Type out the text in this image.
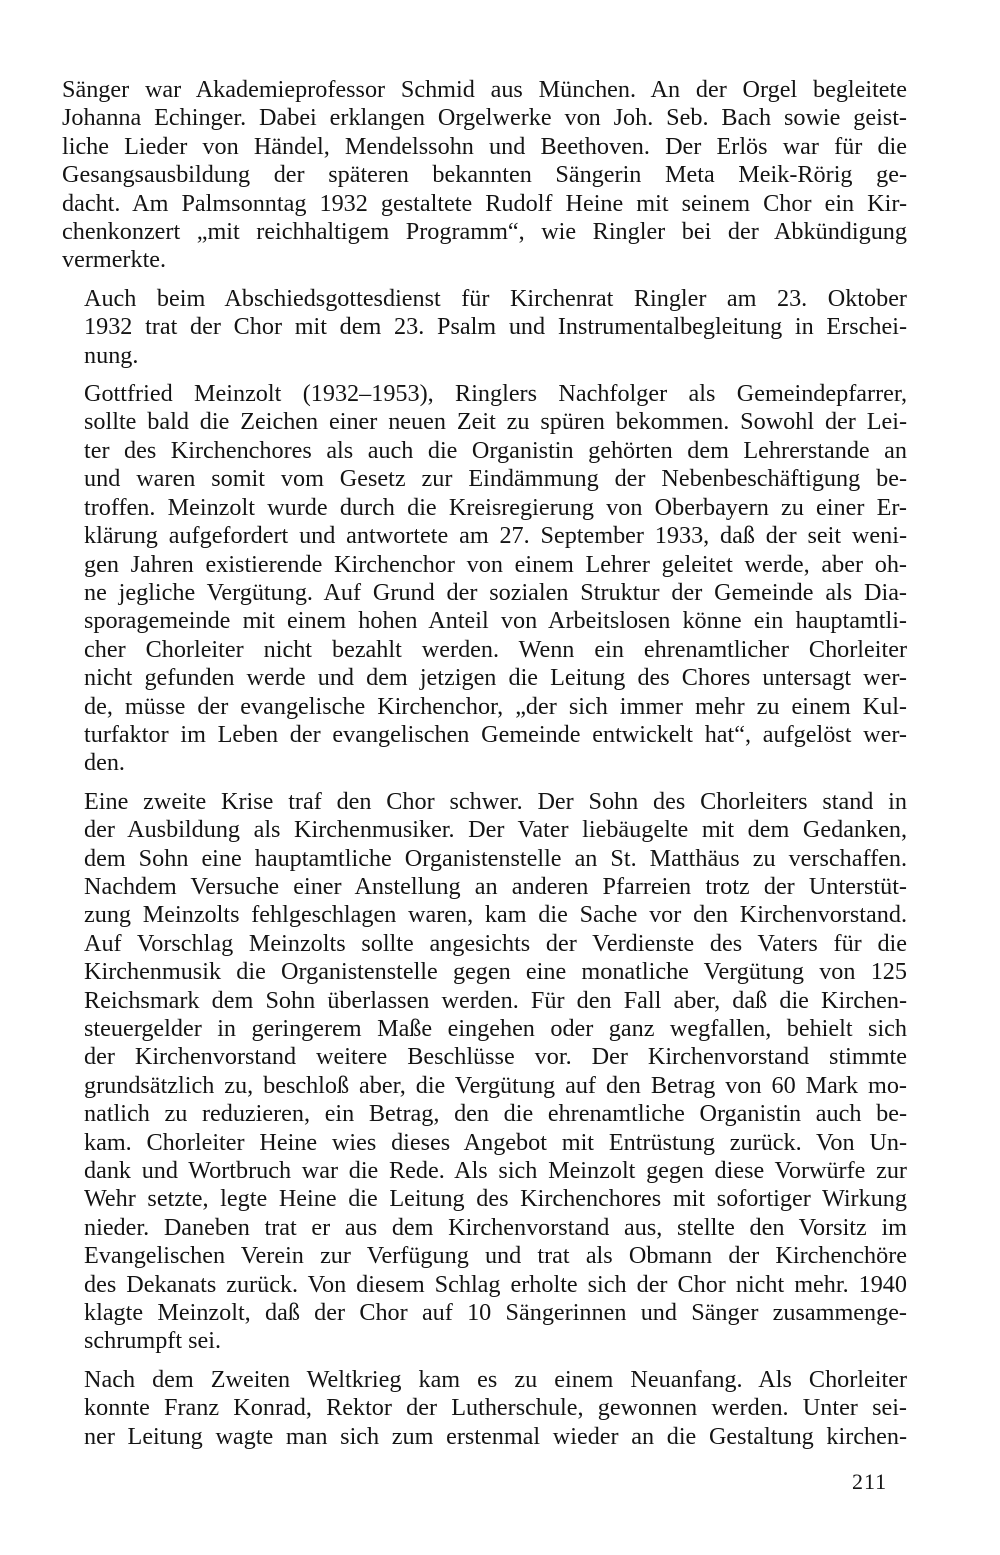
Sänger war Akademieprofessor Schmid aus München. An der Orgel begleitete
Johanna Echinger. Dabei erklangen Orgelwerke von Joh. Seb. Bach sowie geist-
liche Lieder von Händel, Mendelssohn und Beethoven. Der Erlös war für die
Gesangsausbildung der späteren bekannten Sängerin Meta Meik-Rörig ge-
dacht. Am Palmsonntag 1932 gestaltete Rudolf Heine mit seinem Chor ein Kir-
chenkonzert „mit reichhaltigem Programm“, wie Ringler bei der Abkündigung
vermerkte.

Auch beim Abschiedsgottesdienst für Kirchenrat Ringler am 23. Oktober
1932 trat der Chor mit dem 23. Psalm und Instrumentalbegleitung in Erschei-
nung.

Gottfried Meinzolt (1932–1953), Ringlers Nachfolger als Gemeindepfarrer,
sollte bald die Zeichen einer neuen Zeit zu spüren bekommen. Sowohl der Lei-
ter des Kirchenchores als auch die Organistin gehörten dem Lehrerstande an
und waren somit vom Gesetz zur Eindämmung der Nebenbeschäftigung be-
troffen. Meinzolt wurde durch die Kreisregierung von Oberbayern zu einer Er-
klärung aufgefordert und antwortete am 27. September 1933, daß der seit weni-
gen Jahren existierende Kirchenchor von einem Lehrer geleitet werde, aber oh-
ne jegliche Vergütung. Auf Grund der sozialen Struktur der Gemeinde als Dia-
sporagemeinde mit einem hohen Anteil von Arbeitslosen könne ein hauptamtli-
cher Chorleiter nicht bezahlt werden. Wenn ein ehrenamtlicher Chorleiter
nicht gefunden werde und dem jetzigen die Leitung des Chores untersagt wer-
de, müsse der evangelische Kirchenchor, „der sich immer mehr zu einem Kul-
turfaktor im Leben der evangelischen Gemeinde entwickelt hat“, aufgelöst wer-
den.

Eine zweite Krise traf den Chor schwer. Der Sohn des Chorleiters stand in
der Ausbildung als Kirchenmusiker. Der Vater liebäugelte mit dem Gedanken,
dem Sohn eine hauptamtliche Organistenstelle an St. Matthäus zu verschaffen.
Nachdem Versuche einer Anstellung an anderen Pfarreien trotz der Unterstüt-
zung Meinzolts fehlgeschlagen waren, kam die Sache vor den Kirchenvorstand.
Auf Vorschlag Meinzolts sollte angesichts der Verdienste des Vaters für die
Kirchenmusik die Organistenstelle gegen eine monatliche Vergütung von 125
Reichsmark dem Sohn überlassen werden. Für den Fall aber, daß die Kirchen-
steuergelder in geringerem Maße eingehen oder ganz wegfallen, behielt sich
der Kirchenvorstand weitere Beschlüsse vor. Der Kirchenvorstand stimmte
grundsätzlich zu, beschloß aber, die Vergütung auf den Betrag von 60 Mark mo-
natlich zu reduzieren, ein Betrag, den die ehrenamtliche Organistin auch be-
kam. Chorleiter Heine wies dieses Angebot mit Entrüstung zurück. Von Un-
dank und Wortbruch war die Rede. Als sich Meinzolt gegen diese Vorwürfe zur
Wehr setzte, legte Heine die Leitung des Kirchenchores mit sofortiger Wirkung
nieder. Daneben trat er aus dem Kirchenvorstand aus, stellte den Vorsitz im
Evangelischen Verein zur Verfügung und trat als Obmann der Kirchenchöre
des Dekanats zurück. Von diesem Schlag erholte sich der Chor nicht mehr. 1940
klagte Meinzolt, daß der Chor auf 10 Sängerinnen und Sänger zusammenge-
schrumpft sei.

Nach dem Zweiten Weltkrieg kam es zu einem Neuanfang. Als Chorleiter
konnte Franz Konrad, Rektor der Lutherschule, gewonnen werden. Unter sei-
ner Leitung wagte man sich zum erstenmal wieder an die Gestaltung kirchen-

211
